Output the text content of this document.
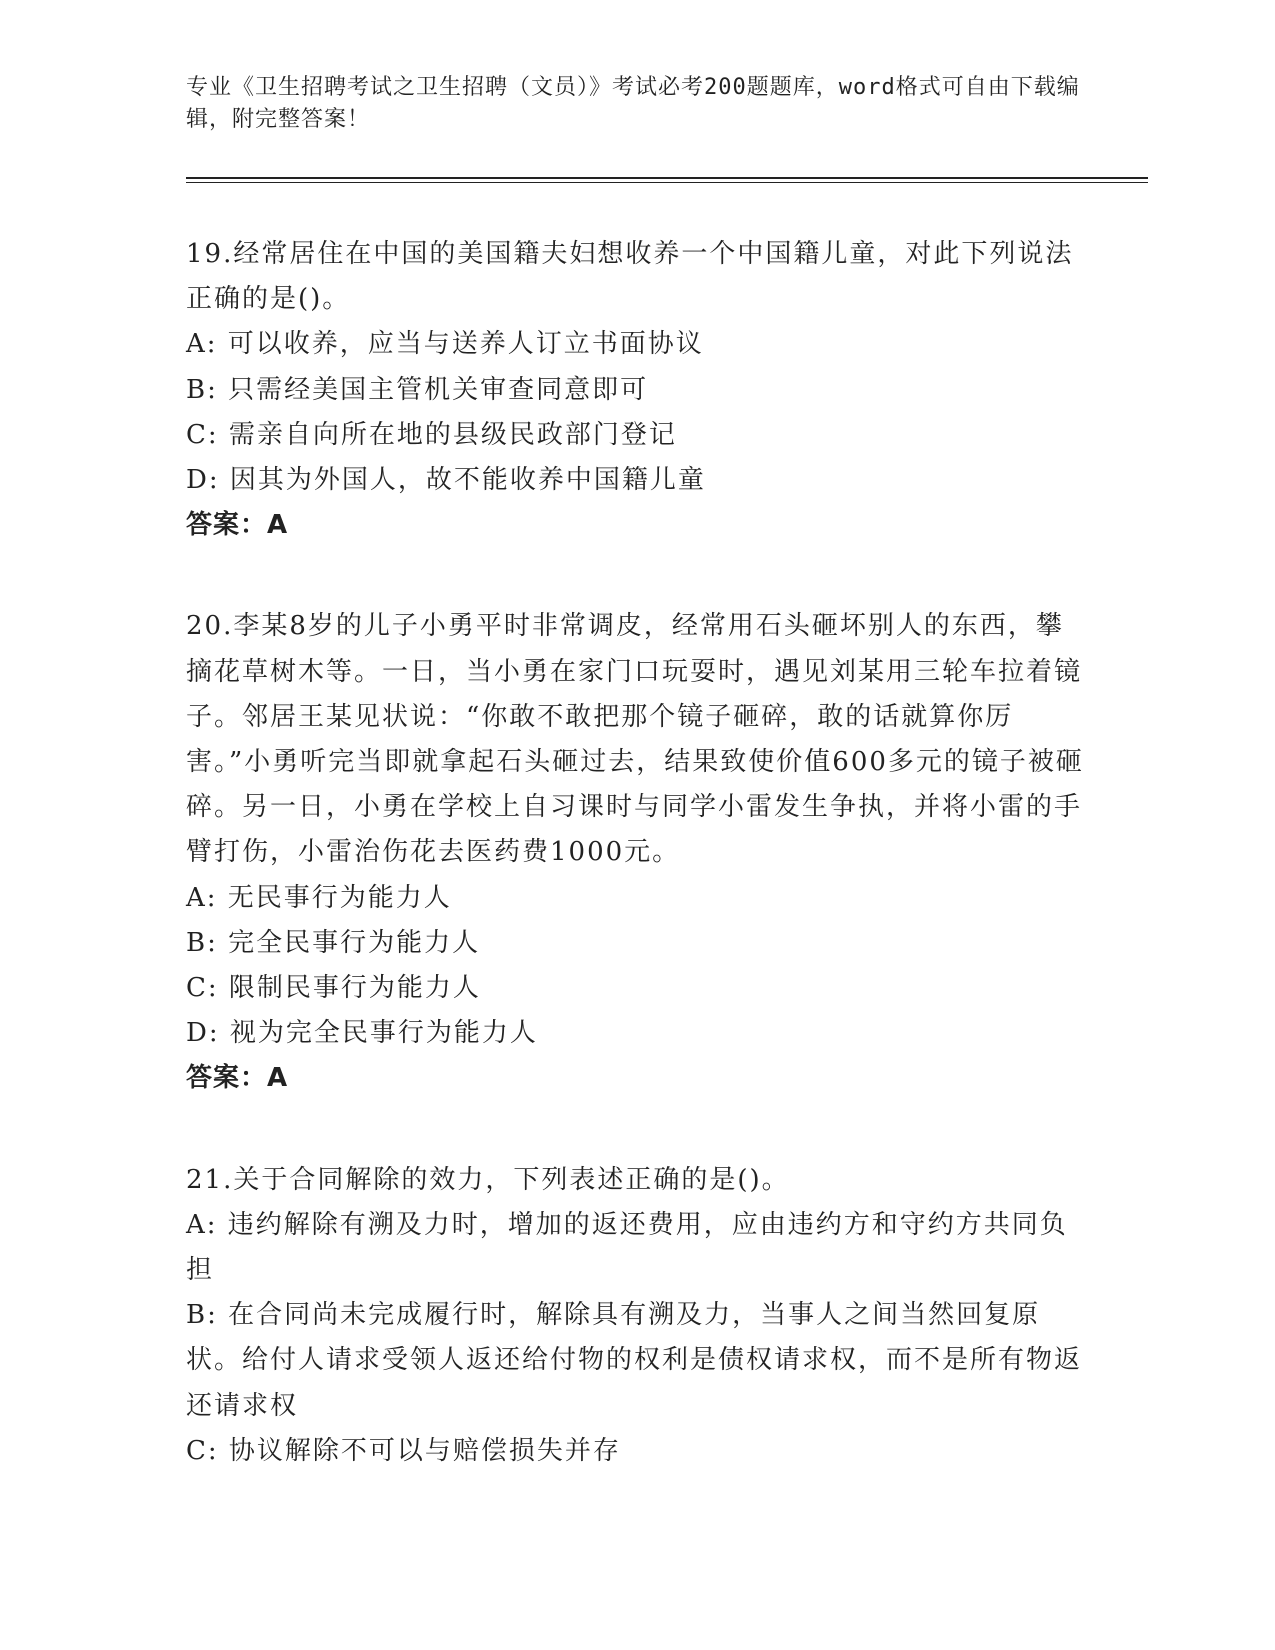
专业《卫生招聘考试之卫生招聘（文员）》考试必考200题题库，word格式可自由下载编辑，附完整答案！

19.经常居住在中国的美国籍夫妇想收养一个中国籍儿童，对此下列说法正确的是()。

A: 可以收养，应当与送养人订立书面协议

B: 只需经美国主管机关审查同意即可

C: 需亲自向所在地的县级民政部门登记

D: 因其为外国人，故不能收养中国籍儿童

答案：A

20.李某8岁的儿子小勇平时非常调皮，经常用石头砸坏别人的东西，攀摘花草树木等。一日，当小勇在家门口玩耍时，遇见刘某用三轮车拉着镜子。邻居王某见状说：“你敢不敢把那个镜子砸碎，敢的话就算你厉害。”小勇听完当即就拿起石头砸过去，结果致使价值600多元的镜子被砸碎。另一日，小勇在学校上自习课时与同学小雷发生争执，并将小雷的手臂打伤，小雷治伤花去医药费1000元。

A: 无民事行为能力人

B: 完全民事行为能力人

C: 限制民事行为能力人

D: 视为完全民事行为能力人

答案：A

21.关于合同解除的效力，下列表述正确的是()。

A: 违约解除有溯及力时，增加的返还费用，应由违约方和守约方共同负担

B: 在合同尚未完成履行时，解除具有溯及力，当事人之间当然回复原状。给付人请求受领人返还给付物的权利是债权请求权，而不是所有物返还请求权

C: 协议解除不可以与赔偿损失并存
